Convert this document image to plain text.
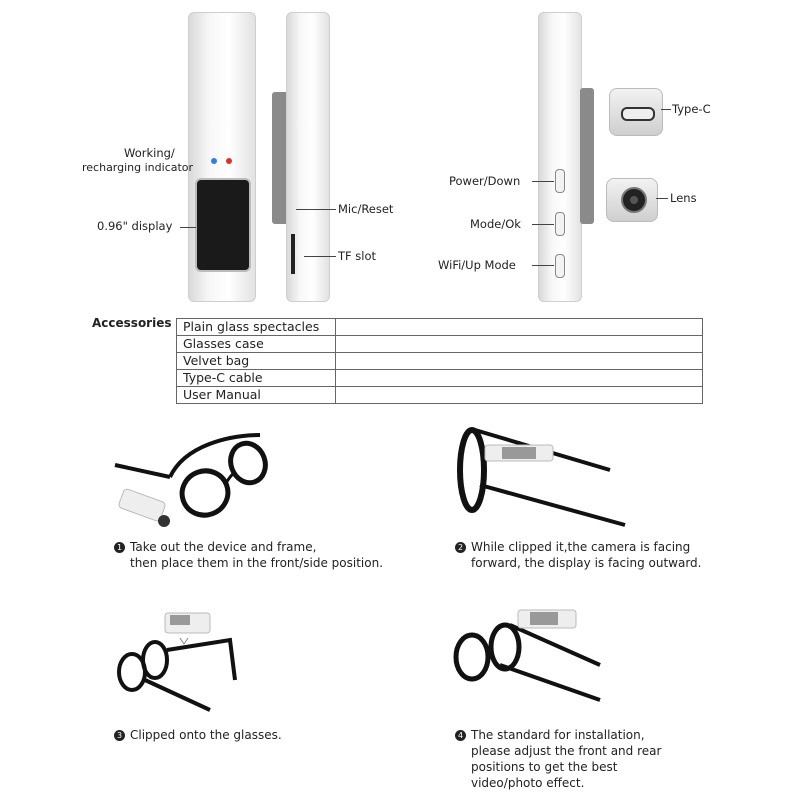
Working/
recharging indicator
0.96" display
Mic/Reset
TF slot
Power/Down
Mode/Ok
WiFi/Up Mode
Type-C
Lens
Accessories Plain glass spectacles	
Glasses case	
Velvet bag	
Type-C cable	
User Manual	
1 Take out the device and frame,
then place them in the front/side position.
2 While clipped it,the camera is facing
forward, the display is facing outward.
3 Clipped onto the glasses.	4 The standard for installation,
please adjust the front and rear
positions to get the best
video/photo effect.
